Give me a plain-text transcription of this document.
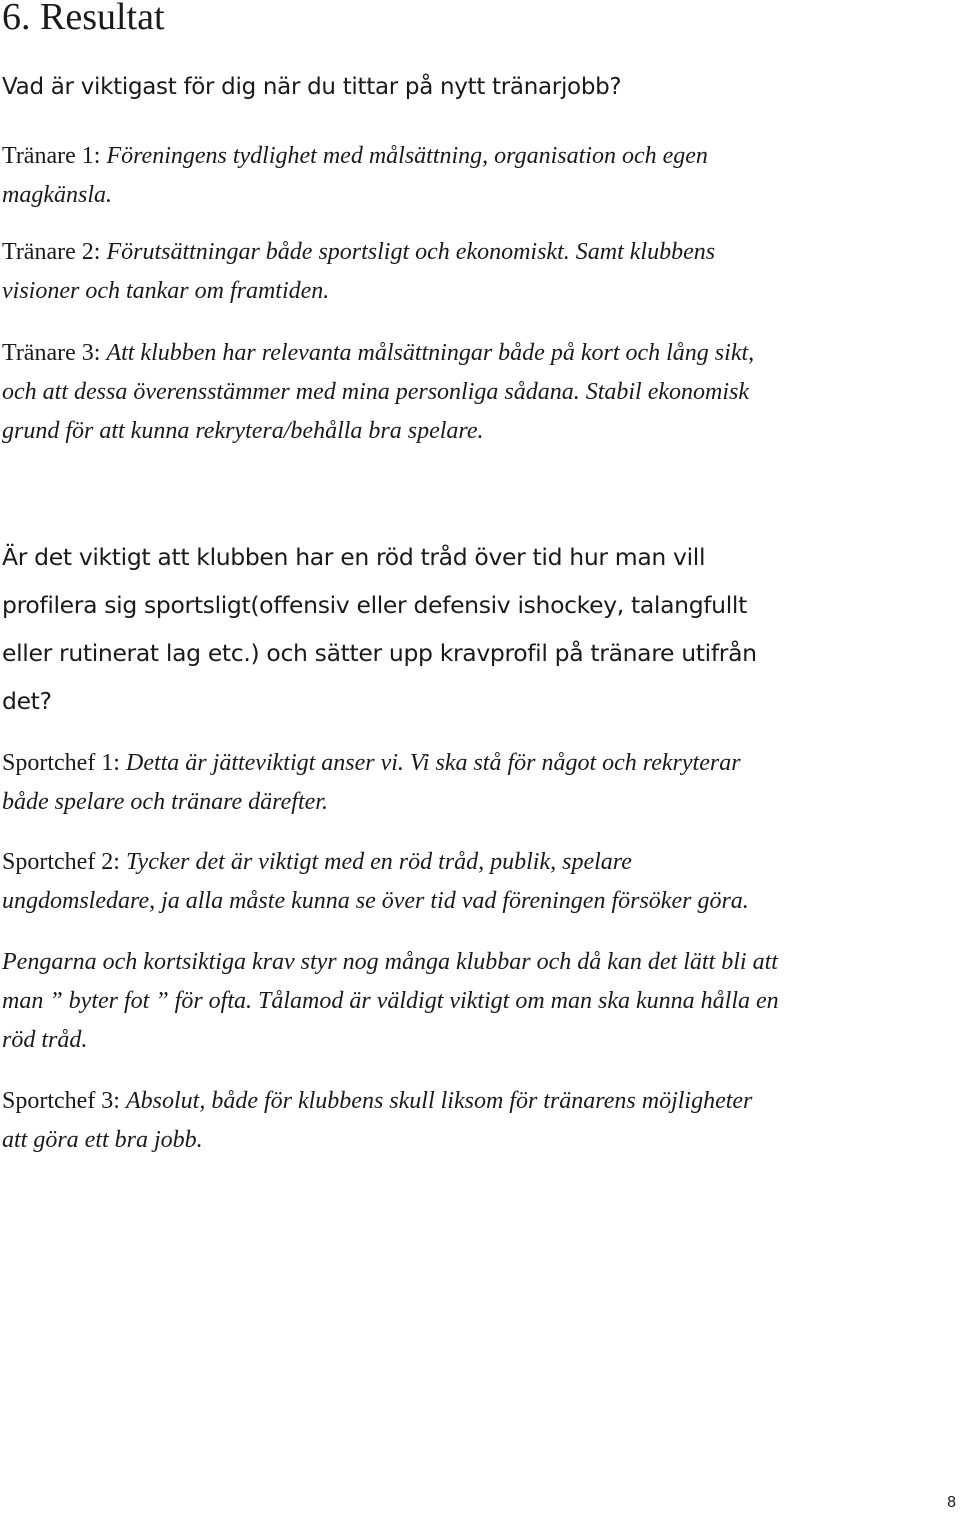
6. Resultat

Vad är viktigast för dig när du tittar på nytt tränarjobb?

Tränare 1: Föreningens tydlighet med målsättning, organisation och egen
magkänsla.
Tränare 2: Förutsättningar både sportsligt och ekonomiskt. Samt klubbens
visioner och tankar om framtiden.
Tränare 3: Att klubben har relevanta målsättningar både på kort och lång sikt,
och att dessa överensstämmer med mina personliga sådana. Stabil ekonomisk
grund för att kunna rekrytera/behålla bra spelare.
Är det viktigt att klubben har en röd tråd över tid hur man vill
profilera sig sportsligt(offensiv eller defensiv ishockey, talangfullt
eller rutinerat lag etc.) och sätter upp kravprofil på tränare utifrån
det?
Sportchef 1: Detta är jätteviktigt anser vi. Vi ska stå för något och rekryterar
både spelare och tränare därefter.
Sportchef 2: Tycker det är viktigt med en röd tråd, publik, spelare
ungdomsledare, ja alla måste kunna se över tid vad föreningen försöker göra.
Pengarna och kortsiktiga krav styr nog många klubbar och då kan det lätt bli att
man ” byter fot ” för ofta. Tålamod är väldigt viktigt om man ska kunna hålla en
röd tråd.
Sportchef 3: Absolut, både för klubbens skull liksom för tränarens möjligheter
att göra ett bra jobb.

8
